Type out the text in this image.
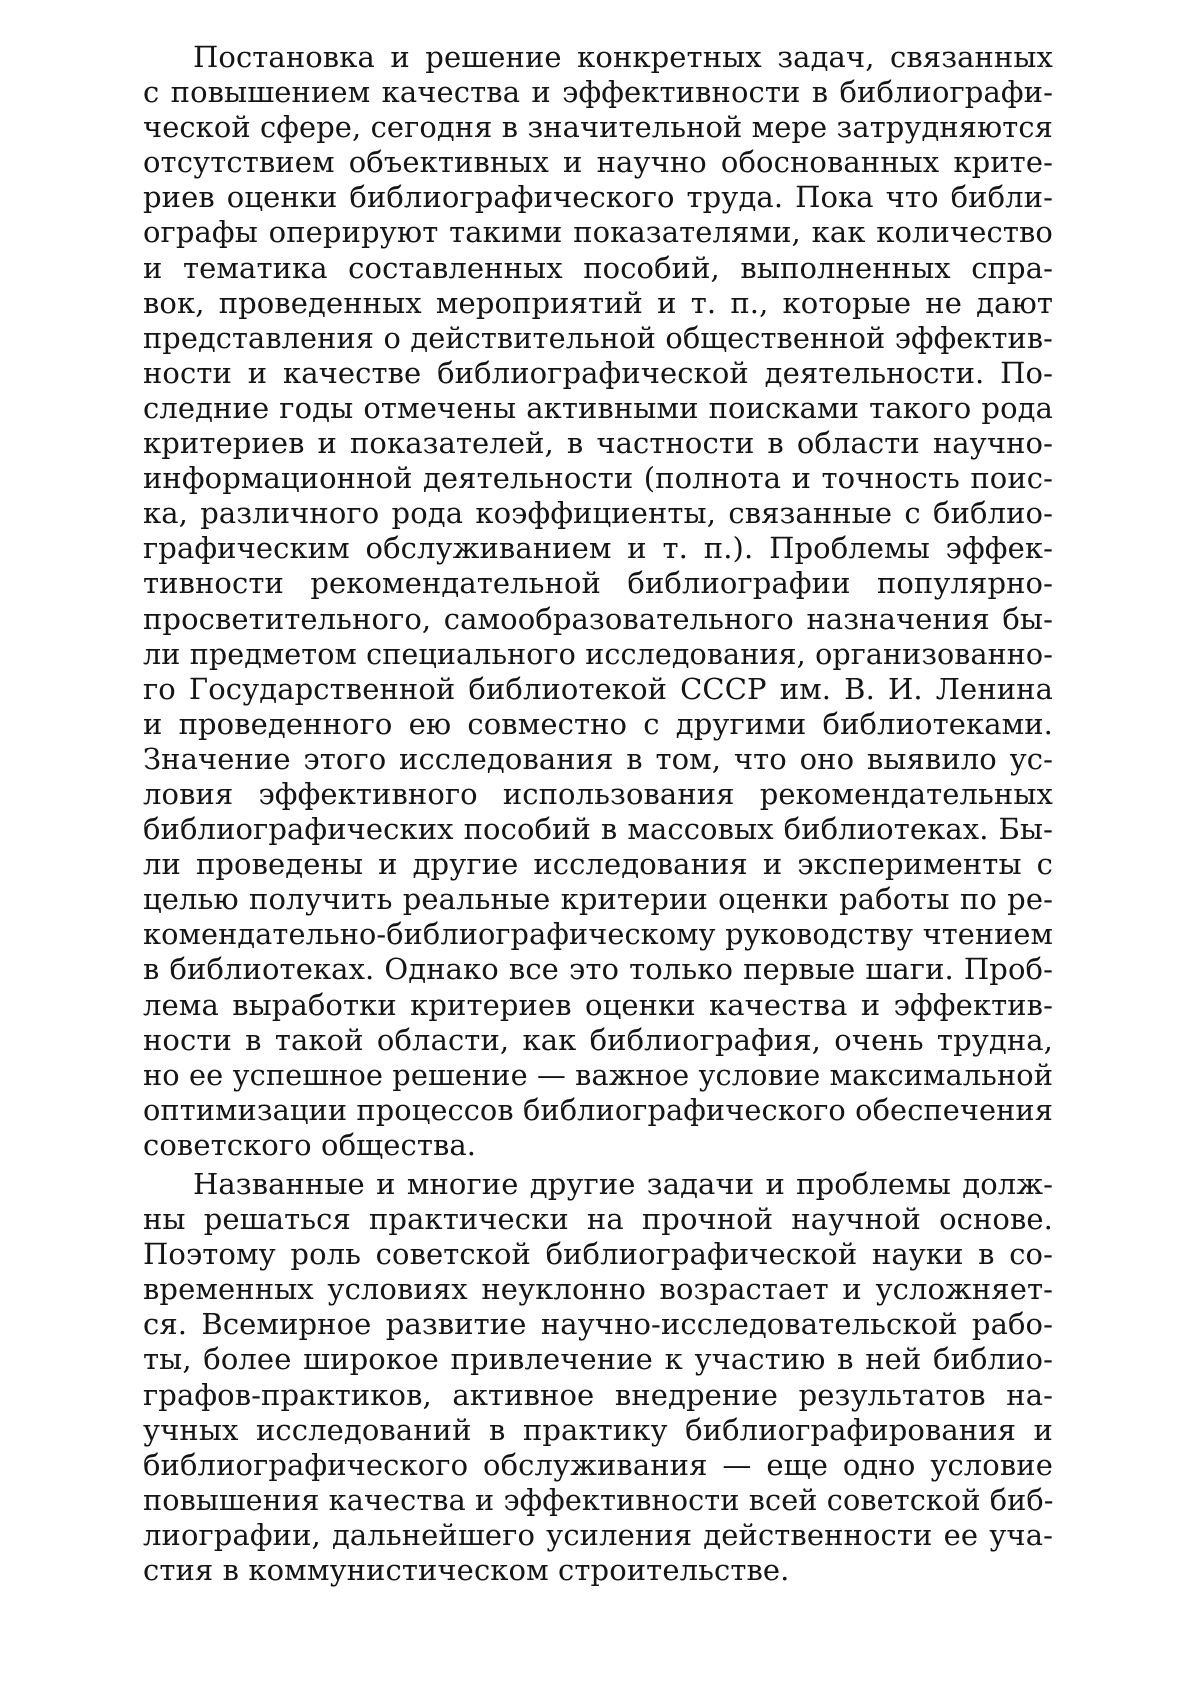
Постановка и решение конкретных задач, связанных
с повышением качества и эффективности в библиографи-
ческой сфере, сегодня в значительной мере затрудняются
отсутствием объективных и научно обоснованных крите-
риев оценки библиографического труда. Пока что библи-
ографы оперируют такими показателями, как количество
и тематика составленных пособий, выполненных спра-
вок, проведенных мероприятий и т. п., которые не дают
представления о действительной общественной эффектив-
ности и качестве библиографической деятельности. По-
следние годы отмечены активными поисками такого рода
критериев и показателей, в частности в области научно-
информационной деятельности (полнота и точность поис-
ка, различного рода коэффициенты, связанные с библио-
графическим обслуживанием и т. п.). Проблемы эффек-
тивности рекомендательной библиографии популярно-
просветительного, самообразовательного назначения бы-
ли предметом специального исследования, организованно-
го Государственной библиотекой СССР им. В. И. Ленина
и проведенного ею совместно с другими библиотеками.
Значение этого исследования в том, что оно выявило ус-
ловия эффективного использования рекомендательных
библиографических пособий в массовых библиотеках. Бы-
ли проведены и другие исследования и эксперименты с
целью получить реальные критерии оценки работы по ре-
комендательно-библиографическому руководству чтением
в библиотеках. Однако все это только первые шаги. Проб-
лема выработки критериев оценки качества и эффектив-
ности в такой области, как библиография, очень трудна,
но ее успешное решение — важное условие максимальной
оптимизации процессов библиографического обеспечения
советского общества.
Названные и многие другие задачи и проблемы долж-
ны решаться практически на прочной научной основе.
Поэтому роль советской библиографической науки в со-
временных условиях неуклонно возрастает и усложняет-
ся. Всемирное развитие научно-исследовательской рабо-
ты, более широкое привлечение к участию в ней библио-
графов-практиков, активное внедрение результатов на-
учных исследований в практику библиографирования и
библиографического обслуживания — еще одно условие
повышения качества и эффективности всей советской биб-
лиографии, дальнейшего усиления действенности ее уча-
стия в коммунистическом строительстве.
